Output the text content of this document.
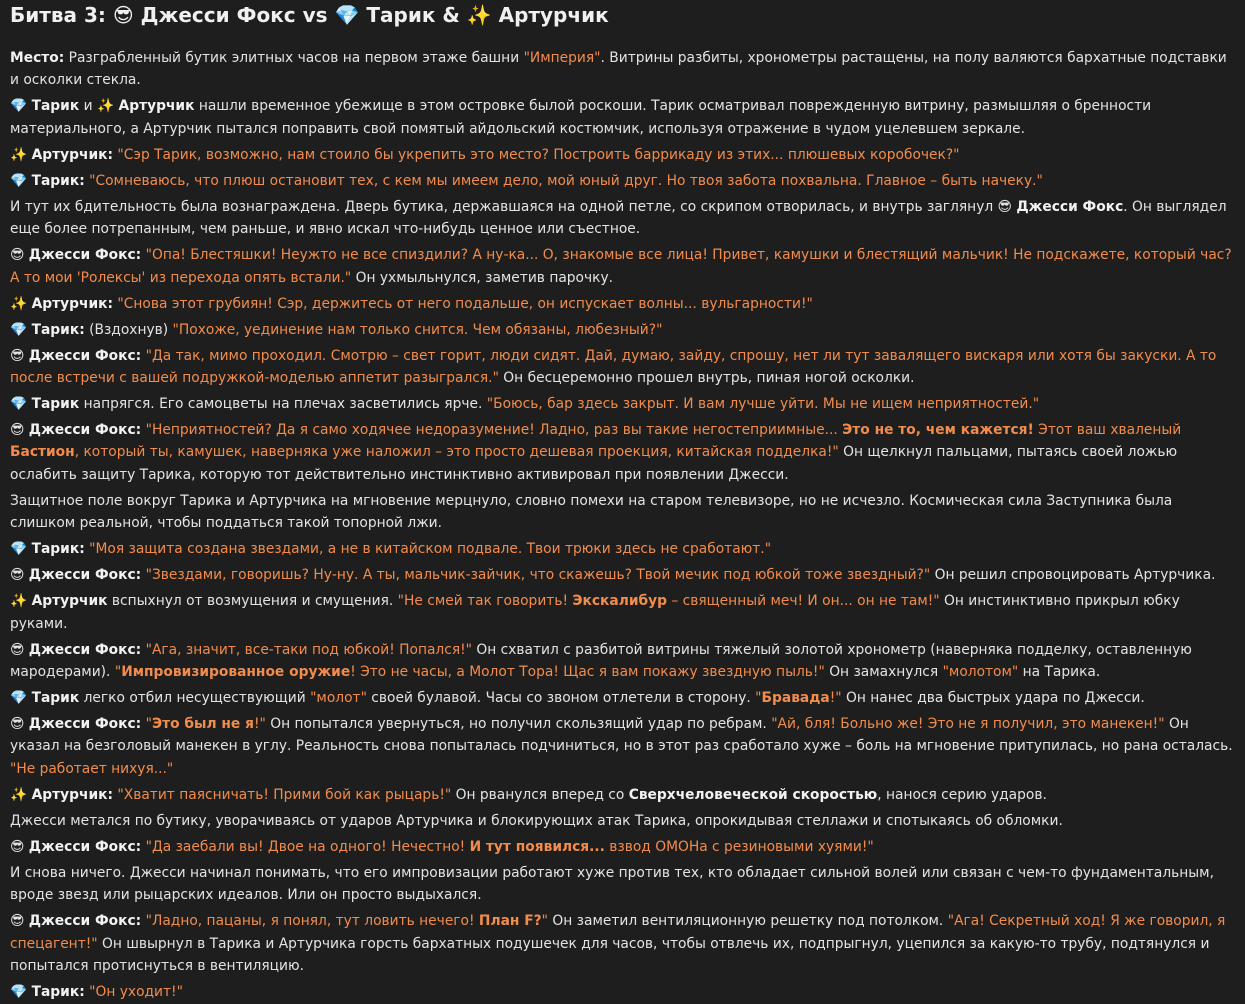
Битва 3: 😎 Джесси Фокс vs 💎 Тарик & ✨ Артурчик

Место: Разграбленный бутик элитных часов на первом этаже башни "Империя". Витрины разбиты, хронометры растащены, на полу валяются бархатные подставки и осколки стекла.

💎 Тарик и ✨ Артурчик нашли временное убежище в этом островке былой роскоши. Тарик осматривал поврежденную витрину, размышляя о бренности материального, а Артурчик пытался поправить свой помятый айдольский костюмчик, используя отражение в чудом уцелевшем зеркале.

✨ Артурчик: "Сэр Тарик, возможно, нам стоило бы укрепить это место? Построить баррикаду из этих... плюшевых коробочек?"

💎 Тарик: "Сомневаюсь, что плюш остановит тех, с кем мы имеем дело, мой юный друг. Но твоя забота похвальна. Главное – быть начеку."

И тут их бдительность была вознаграждена. Дверь бутика, державшаяся на одной петле, со скрипом отворилась, и внутрь заглянул 😎 Джесси Фокс. Он выглядел еще более потрепанным, чем раньше, и явно искал что-нибудь ценное или съестное.

😎 Джесси Фокс: "Опа! Блестяшки! Неужто не все спиздили? А ну-ка... О, знакомые все лица! Привет, камушки и блестящий мальчик! Не подскажете, который час? А то мои 'Ролексы' из перехода опять встали." Он ухмыльнулся, заметив парочку.

✨ Артурчик: "Снова этот грубиян! Сэр, держитесь от него подальше, он испускает волны... вульгарности!"

💎 Тарик: (Вздохнув) "Похоже, уединение нам только снится. Чем обязаны, любезный?"

😎 Джесси Фокс: "Да так, мимо проходил. Смотрю – свет горит, люди сидят. Дай, думаю, зайду, спрошу, нет ли тут завалящего вискаря или хотя бы закуски. А то после встречи с вашей подружкой-моделью аппетит разыгрался." Он бесцеремонно прошел внутрь, пиная ногой осколки.

💎 Тарик напрягся. Его самоцветы на плечах засветились ярче. "Боюсь, бар здесь закрыт. И вам лучше уйти. Мы не ищем неприятностей."

😎 Джесси Фокс: "Неприятностей? Да я само ходячее недоразумение! Ладно, раз вы такие негостеприимные... Это не то, чем кажется! Этот ваш хваленый Бастион, который ты, камушек, наверняка уже наложил – это просто дешевая проекция, китайская подделка!" Он щелкнул пальцами, пытаясь своей ложью ослабить защиту Тарика, которую тот действительно инстинктивно активировал при появлении Джесси.

Защитное поле вокруг Тарика и Артурчика на мгновение мерцнуло, словно помехи на старом телевизоре, но не исчезло. Космическая сила Заступника была слишком реальной, чтобы поддаться такой топорной лжи.

💎 Тарик: "Моя защита создана звездами, а не в китайском подвале. Твои трюки здесь не сработают."

😎 Джесси Фокс: "Звездами, говоришь? Ну-ну. А ты, мальчик-зайчик, что скажешь? Твой мечик под юбкой тоже звездный?" Он решил спровоцировать Артурчика.

✨ Артурчик вспыхнул от возмущения и смущения. "Не смей так говорить! Экскалибур – священный меч! И он... он не там!" Он инстинктивно прикрыл юбку руками.

😎 Джесси Фокс: "Ага, значит, все-таки под юбкой! Попался!" Он схватил с разбитой витрины тяжелый золотой хронометр (наверняка подделку, оставленную мародерами). "Импровизированное оружие! Это не часы, а Молот Тора! Щас я вам покажу звездную пыль!" Он замахнулся "молотом" на Тарика.

💎 Тарик легко отбил несуществующий "молот" своей булавой. Часы со звоном отлетели в сторону. "Бравада!" Он нанес два быстрых удара по Джесси.

😎 Джесси Фокс: "Это был не я!" Он попытался увернуться, но получил скользящий удар по ребрам. "Ай, бля! Больно же! Это не я получил, это манекен!" Он указал на безголовый манекен в углу. Реальность снова попыталась подчиниться, но в этот раз сработало хуже – боль на мгновение притупилась, но рана осталась. "Не работает нихуя..."

✨ Артурчик: "Хватит паясничать! Прими бой как рыцарь!" Он рванулся вперед со Сверхчеловеческой скоростью, нанося серию ударов.

Джесси метался по бутику, уворачиваясь от ударов Артурчика и блокирующих атак Тарика, опрокидывая стеллажи и спотыкаясь об обломки.

😎 Джесси Фокс: "Да заебали вы! Двое на одного! Нечестно! И тут появился... взвод ОМОНа с резиновыми хуями!"

И снова ничего. Джесси начинал понимать, что его импровизации работают хуже против тех, кто обладает сильной волей или связан с чем-то фундаментальным, вроде звезд или рыцарских идеалов. Или он просто выдыхался.

😎 Джесси Фокс: "Ладно, пацаны, я понял, тут ловить нечего! План F?" Он заметил вентиляционную решетку под потолком. "Ага! Секретный ход! Я же говорил, я спецагент!" Он швырнул в Тарика и Артурчика горсть бархатных подушечек для часов, чтобы отвлечь их, подпрыгнул, уцепился за какую-то трубу, подтянулся и попытался протиснуться в вентиляцию.

💎 Тарик: "Он уходит!"
